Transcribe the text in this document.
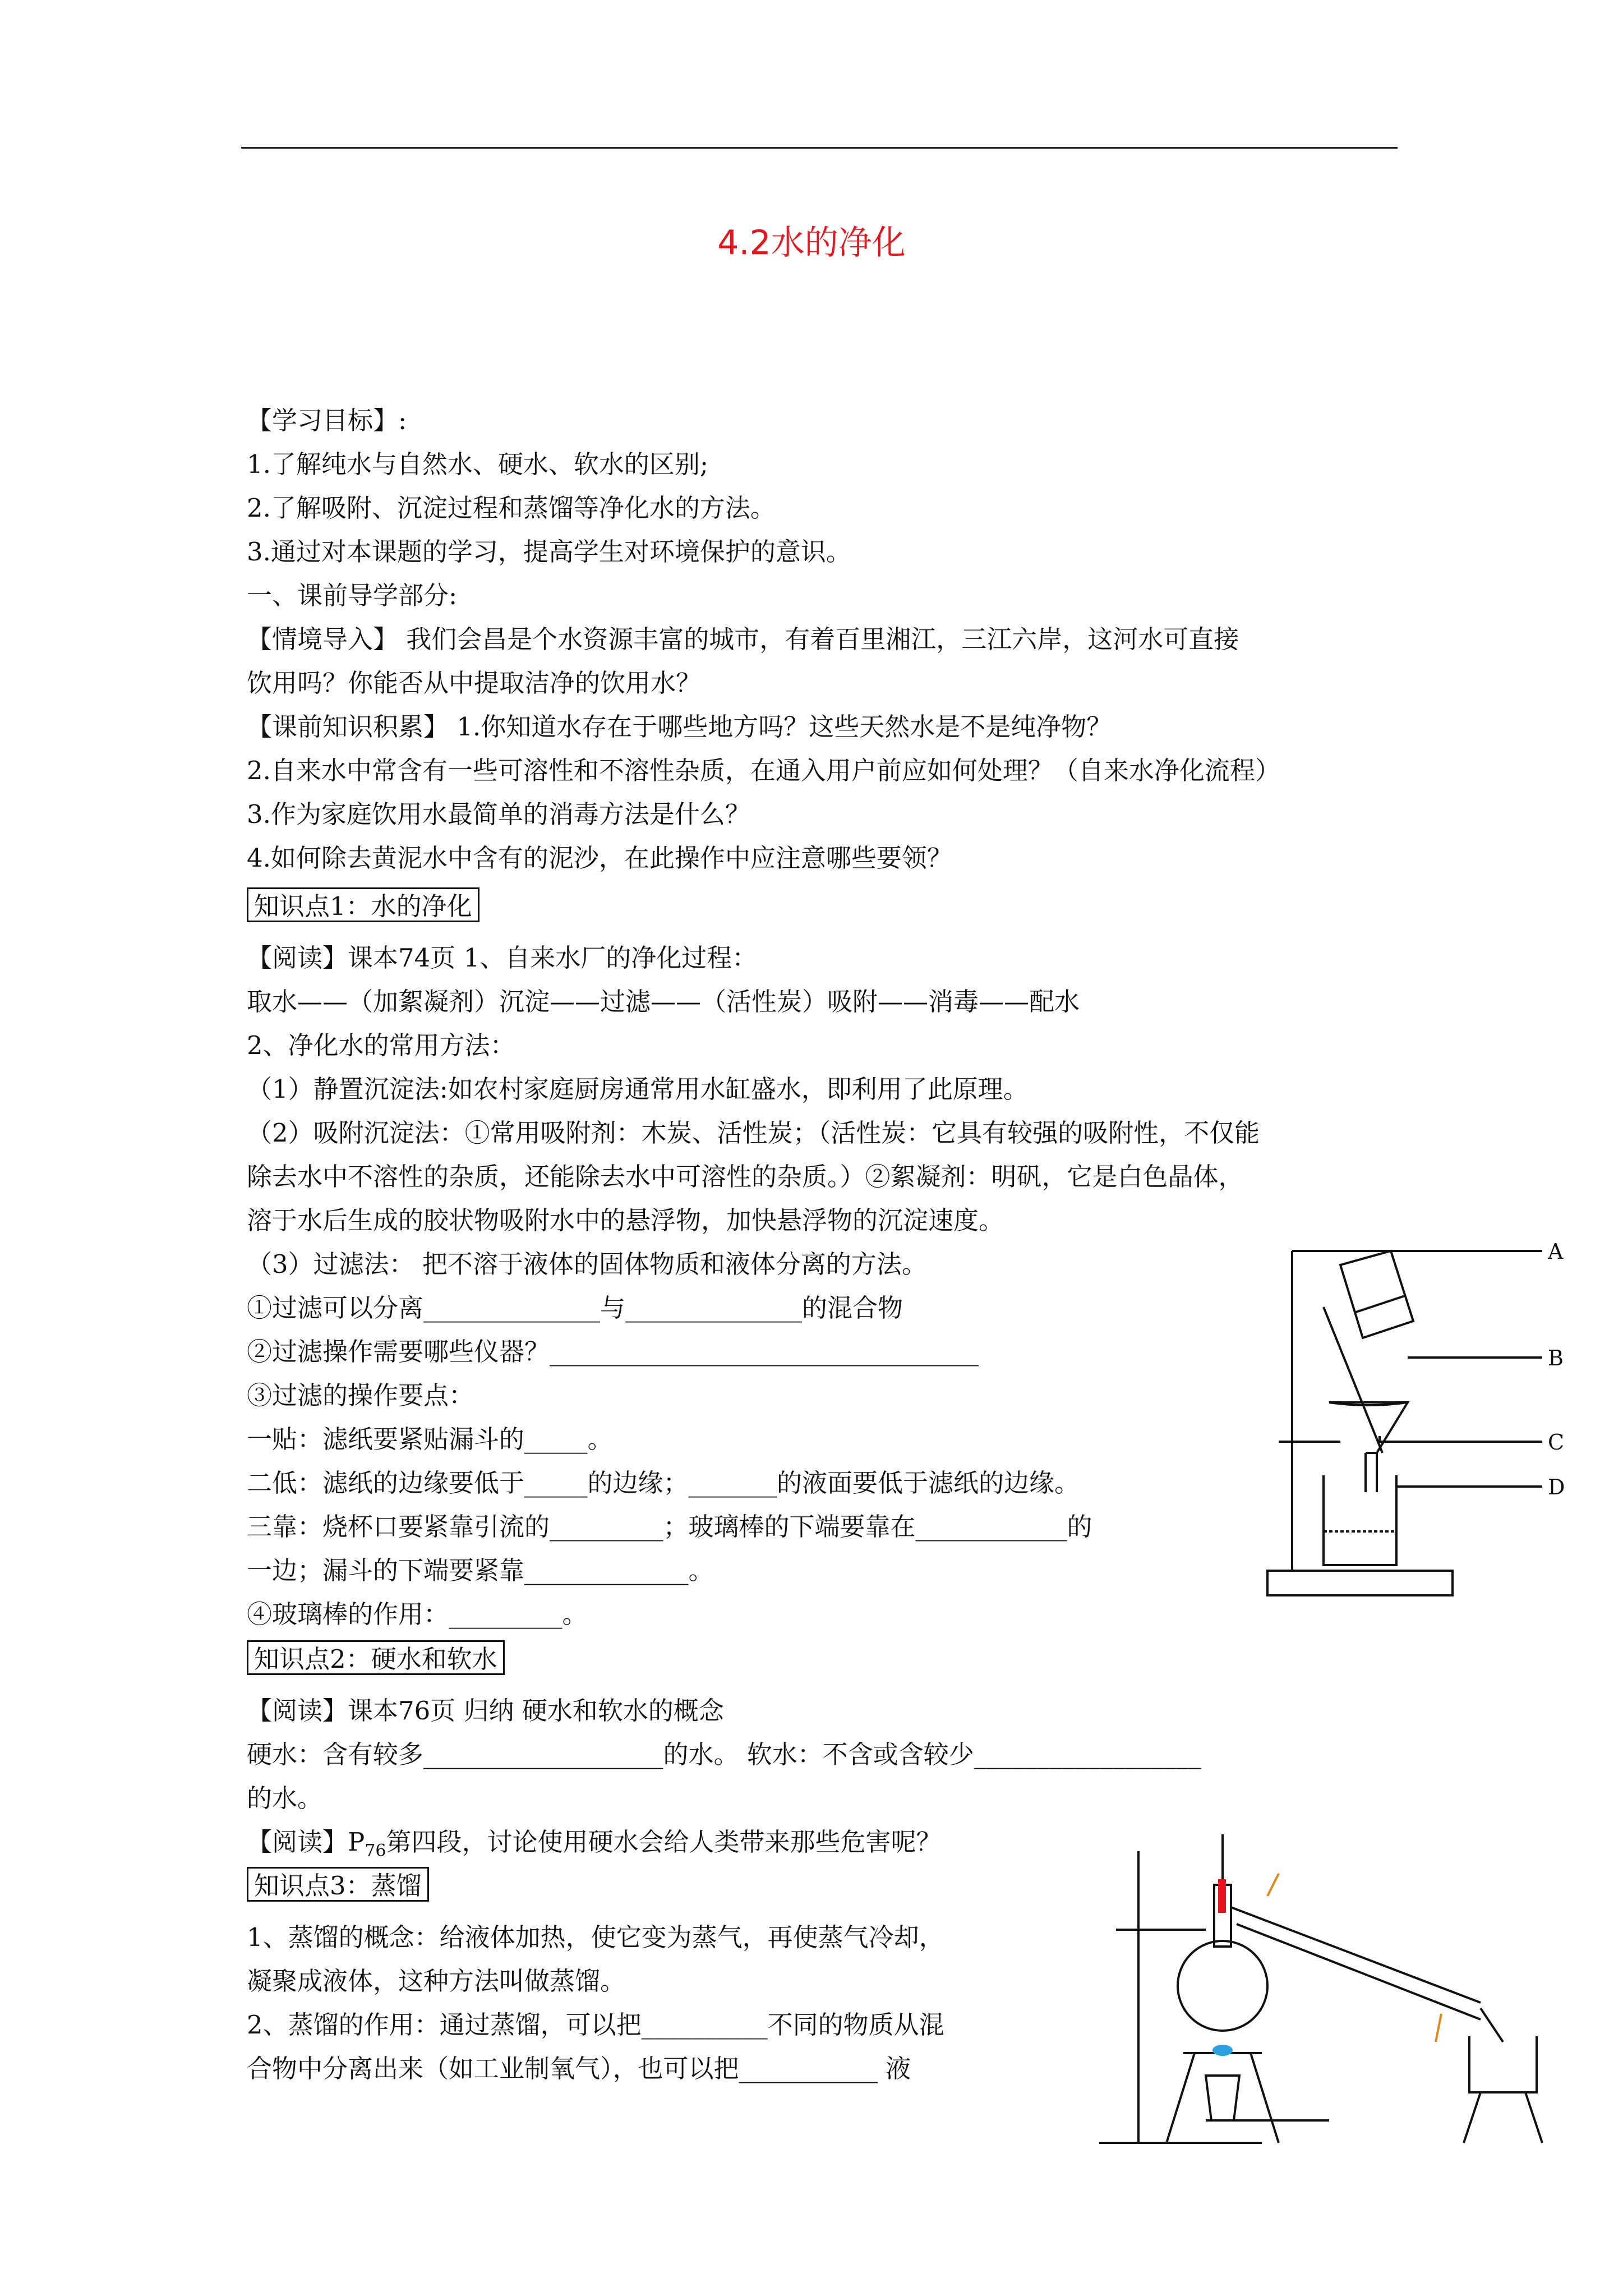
4.2水的净化
【学习目标】:
1.了解纯水与自然水、硬水、软水的区别;
2.了解吸附、沉淀过程和蒸馏等净化水的方法。
3.通过对本课题的学习，提高学生对环境保护的意识。
一、课前导学部分:
【情境导入】 我们会昌是个水资源丰富的城市，有着百里湘江，三江六岸，这河水可直接
饮用吗？你能否从中提取洁净的饮用水？
【课前知识积累】 1.你知道水存在于哪些地方吗？这些天然水是不是纯净物？
2.自来水中常含有一些可溶性和不溶性杂质，在通入用户前应如何处理？（自来水净化流程）
3.作为家庭饮用水最简单的消毒方法是什么？
4.如何除去黄泥水中含有的泥沙，在此操作中应注意哪些要领？
知识点1：水的净化
【阅读】课本74页 1、自来水厂的净化过程：
取水——（加絮凝剂）沉淀——过滤——（活性炭）吸附——消毒——配水
2、净化水的常用方法：
（1）静置沉淀法:如农村家庭厨房通常用水缸盛水，即利用了此原理。
（2）吸附沉淀法：①常用吸附剂：木炭、活性炭；（活性炭：它具有较强的吸附性，不仅能
除去水中不溶性的杂质，还能除去水中可溶性的杂质。）②絮凝剂：明矾，它是白色晶体，
溶于水后生成的胶状物吸附水中的悬浮物，加快悬浮物的沉淀速度。
（3）过滤法： 把不溶于液体的固体物质和液体分离的方法。
①过滤可以分离______________与______________的混合物
②过滤操作需要哪些仪器？__________________________________
③过滤的操作要点：
一贴：滤纸要紧贴漏斗的_____。
二低：滤纸的边缘要低于_____的边缘；_______的液面要低于滤纸的边缘。
三靠：烧杯口要紧靠引流的_________；玻璃棒的下端要靠在____________的
一边；漏斗的下端要紧靠_____________。
④玻璃棒的作用：_________。
知识点2：硬水和软水
【阅读】课本76页 归纳 硬水和软水的概念
硬水：含有较多___________________的水。 软水：不含或含较少__________________
的水。
【阅读】$P_{76}$第四段，讨论使用硬水会给人类带来那些危害呢？
知识点3：蒸馏
1、蒸馏的概念：给液体加热，使它变为蒸气，再使蒸气冷却，
凝聚成液体，这种方法叫做蒸馏。
2、蒸馏的作用：通过蒸馏，可以把__________不同的物质从混
合物中分离出来（如工业制氧气），也可以把___________ 液
A
B
C
D
